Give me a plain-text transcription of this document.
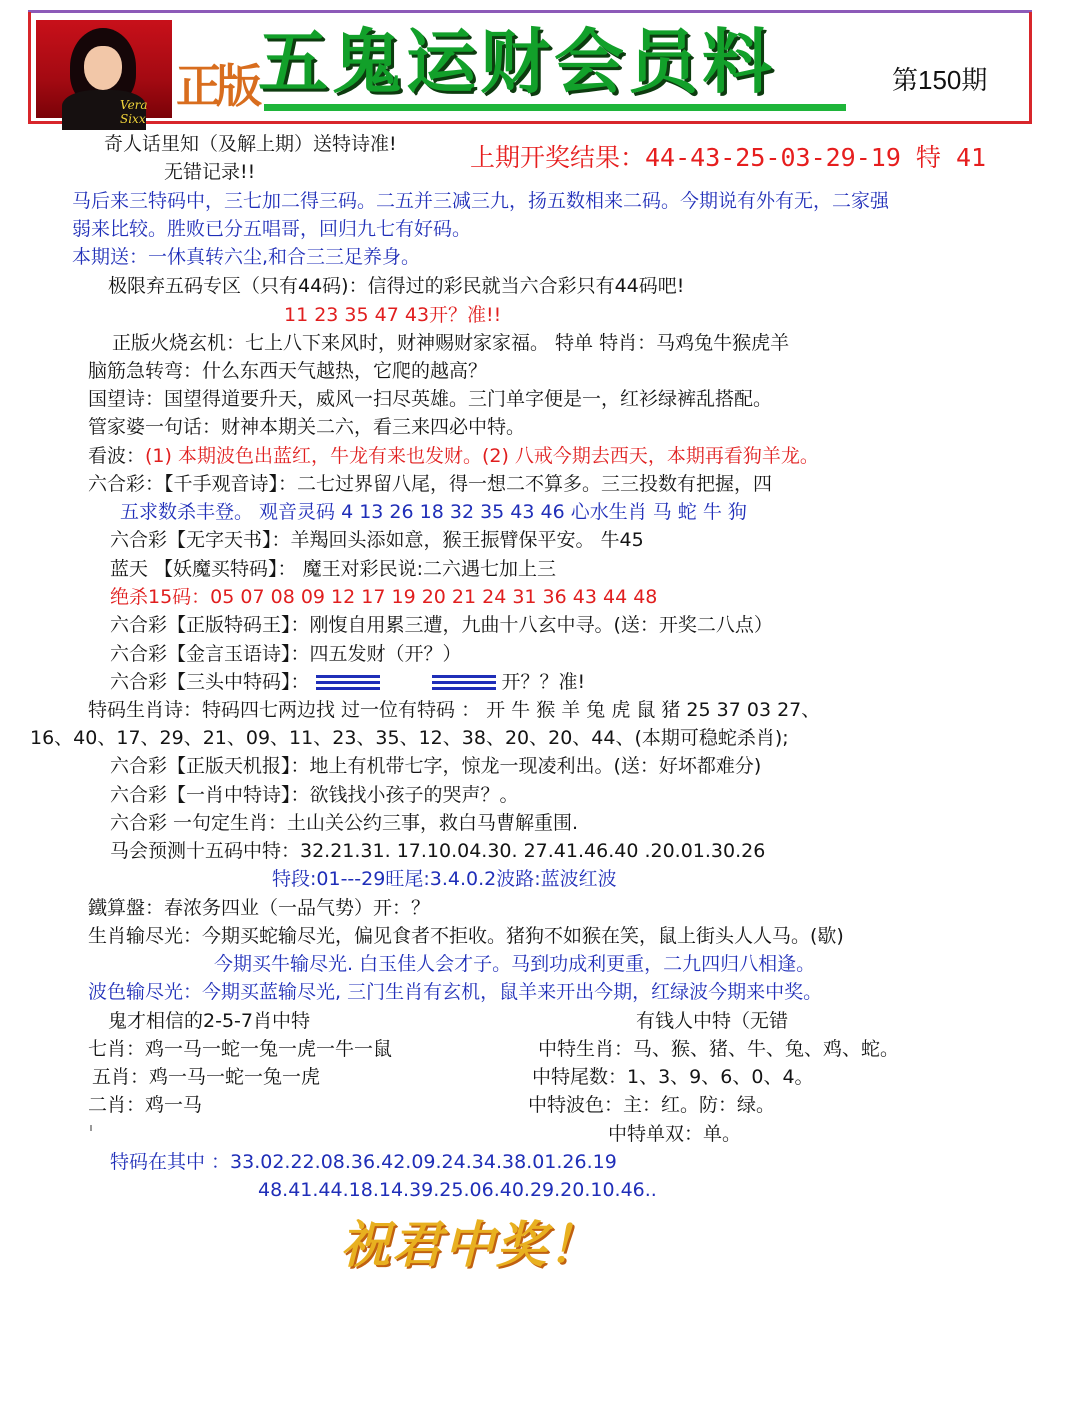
Vera Sixx
正版 五鬼运财会员料	第150期
奇人话里知（及解上期）送特诗准!
无错记录!!	上期开奖结果：44-43-25-03-29-19 特 41
马后来三特码中，三七加二得三码。二五并三减三九，扬五数相来二码。今期说有外有无，二家强
弱来比较。胜败已分五唱哥，回归九七有好码。
本期送：一休真转六尘,和合三三足养身。
极限弃五码专区（只有44码)：信得过的彩民就当六合彩只有44码吧!
11 23 35 47 43开？准!!
正版火烧玄机：七上八下来风时，财神赐财家家福。 特单 特肖：马鸡兔牛猴虎羊
脑筋急转弯：什么东西天气越热，它爬的越高？
国望诗：国望得道要升天，威风一扫尽英雄。三门单字便是一，红衫绿裤乱搭配。
管家婆一句话：财神本期关二六，看三来四必中特。
看波：(1) 本期波色出蓝红，牛龙有来也发财。(2) 八戒今期去西天，本期再看狗羊龙。
六合彩：【千手观音诗】：二七过界留八尾，得一想二不算多。三三投数有把握，四
五求数杀丰登。 观音灵码 4 13 26 18 32 35 43 46 心水生肖 马 蛇 牛 狗
六合彩【无字天书】：羊羯回头添如意，猴王振臂保平安。 牛45
蓝天 【妖魔买特码】： 魔王对彩民说:二六遇七加上三
绝杀15码：05 07 08 09 12 17 19 20 21 24 31 36 43 44 48
六合彩【正版特码王】：刚愎自用累三遭，九曲十八玄中寻。(送：开奖二八点）
六合彩【金言玉语诗】：四五发财（开？）
六合彩【三头中特码】：	开？？准!
特码生肖诗：特码四七两边找 过一位有特码 ： 开 牛 猴 羊 兔 虎 鼠 猪 25 37 03 27、
16、40、17、29、21、09、11、23、35、12、38、20、20、44、(本期可稳蛇杀肖);
六合彩【正版天机报】：地上有机带七字，惊龙一现凌利出。(送：好坏都难分)
六合彩【一肖中特诗】：欲钱找小孩子的哭声？。
六合彩 一句定生肖：土山关公约三事，救白马曹解重围.
马会预测十五码中特：32.21.31. 17.10.04.30. 27.41.46.40 .20.01.30.26
特段:01---29旺尾:3.4.0.2波路:蓝波红波
鐵算盤：春浓务四业（一品气势）开：？
生肖输尽光：今期买蛇输尽光，偏见食者不拒收。猪狗不如猴在笑，鼠上街头人人马。(歇)
今期买牛输尽光. 白玉佳人会才子。马到功成利更重，二九四归八相逢。
波色输尽光：今期买蓝输尽光, 三门生肖有玄机，鼠羊来开出今期，红绿波今期来中奖。
鬼才相信的2-5-7肖中特
七肖：鸡一马一蛇一兔一虎一牛一鼠
五肖：鸡一马一蛇一兔一虎
二肖：鸡一马
有钱人中特（无错
中特生肖：马、猴、猪、牛、兔、鸡、蛇。
中特尾数：1、3、9、6、0、4。
中特波色：主：红。防：绿。
中特单双：单。
特码在其中 ：33.02.22.08.36.42.09.24.34.38.01.26.19
48.41.44.18.14.39.25.06.40.29.20.10.46..
祝君中奖！
